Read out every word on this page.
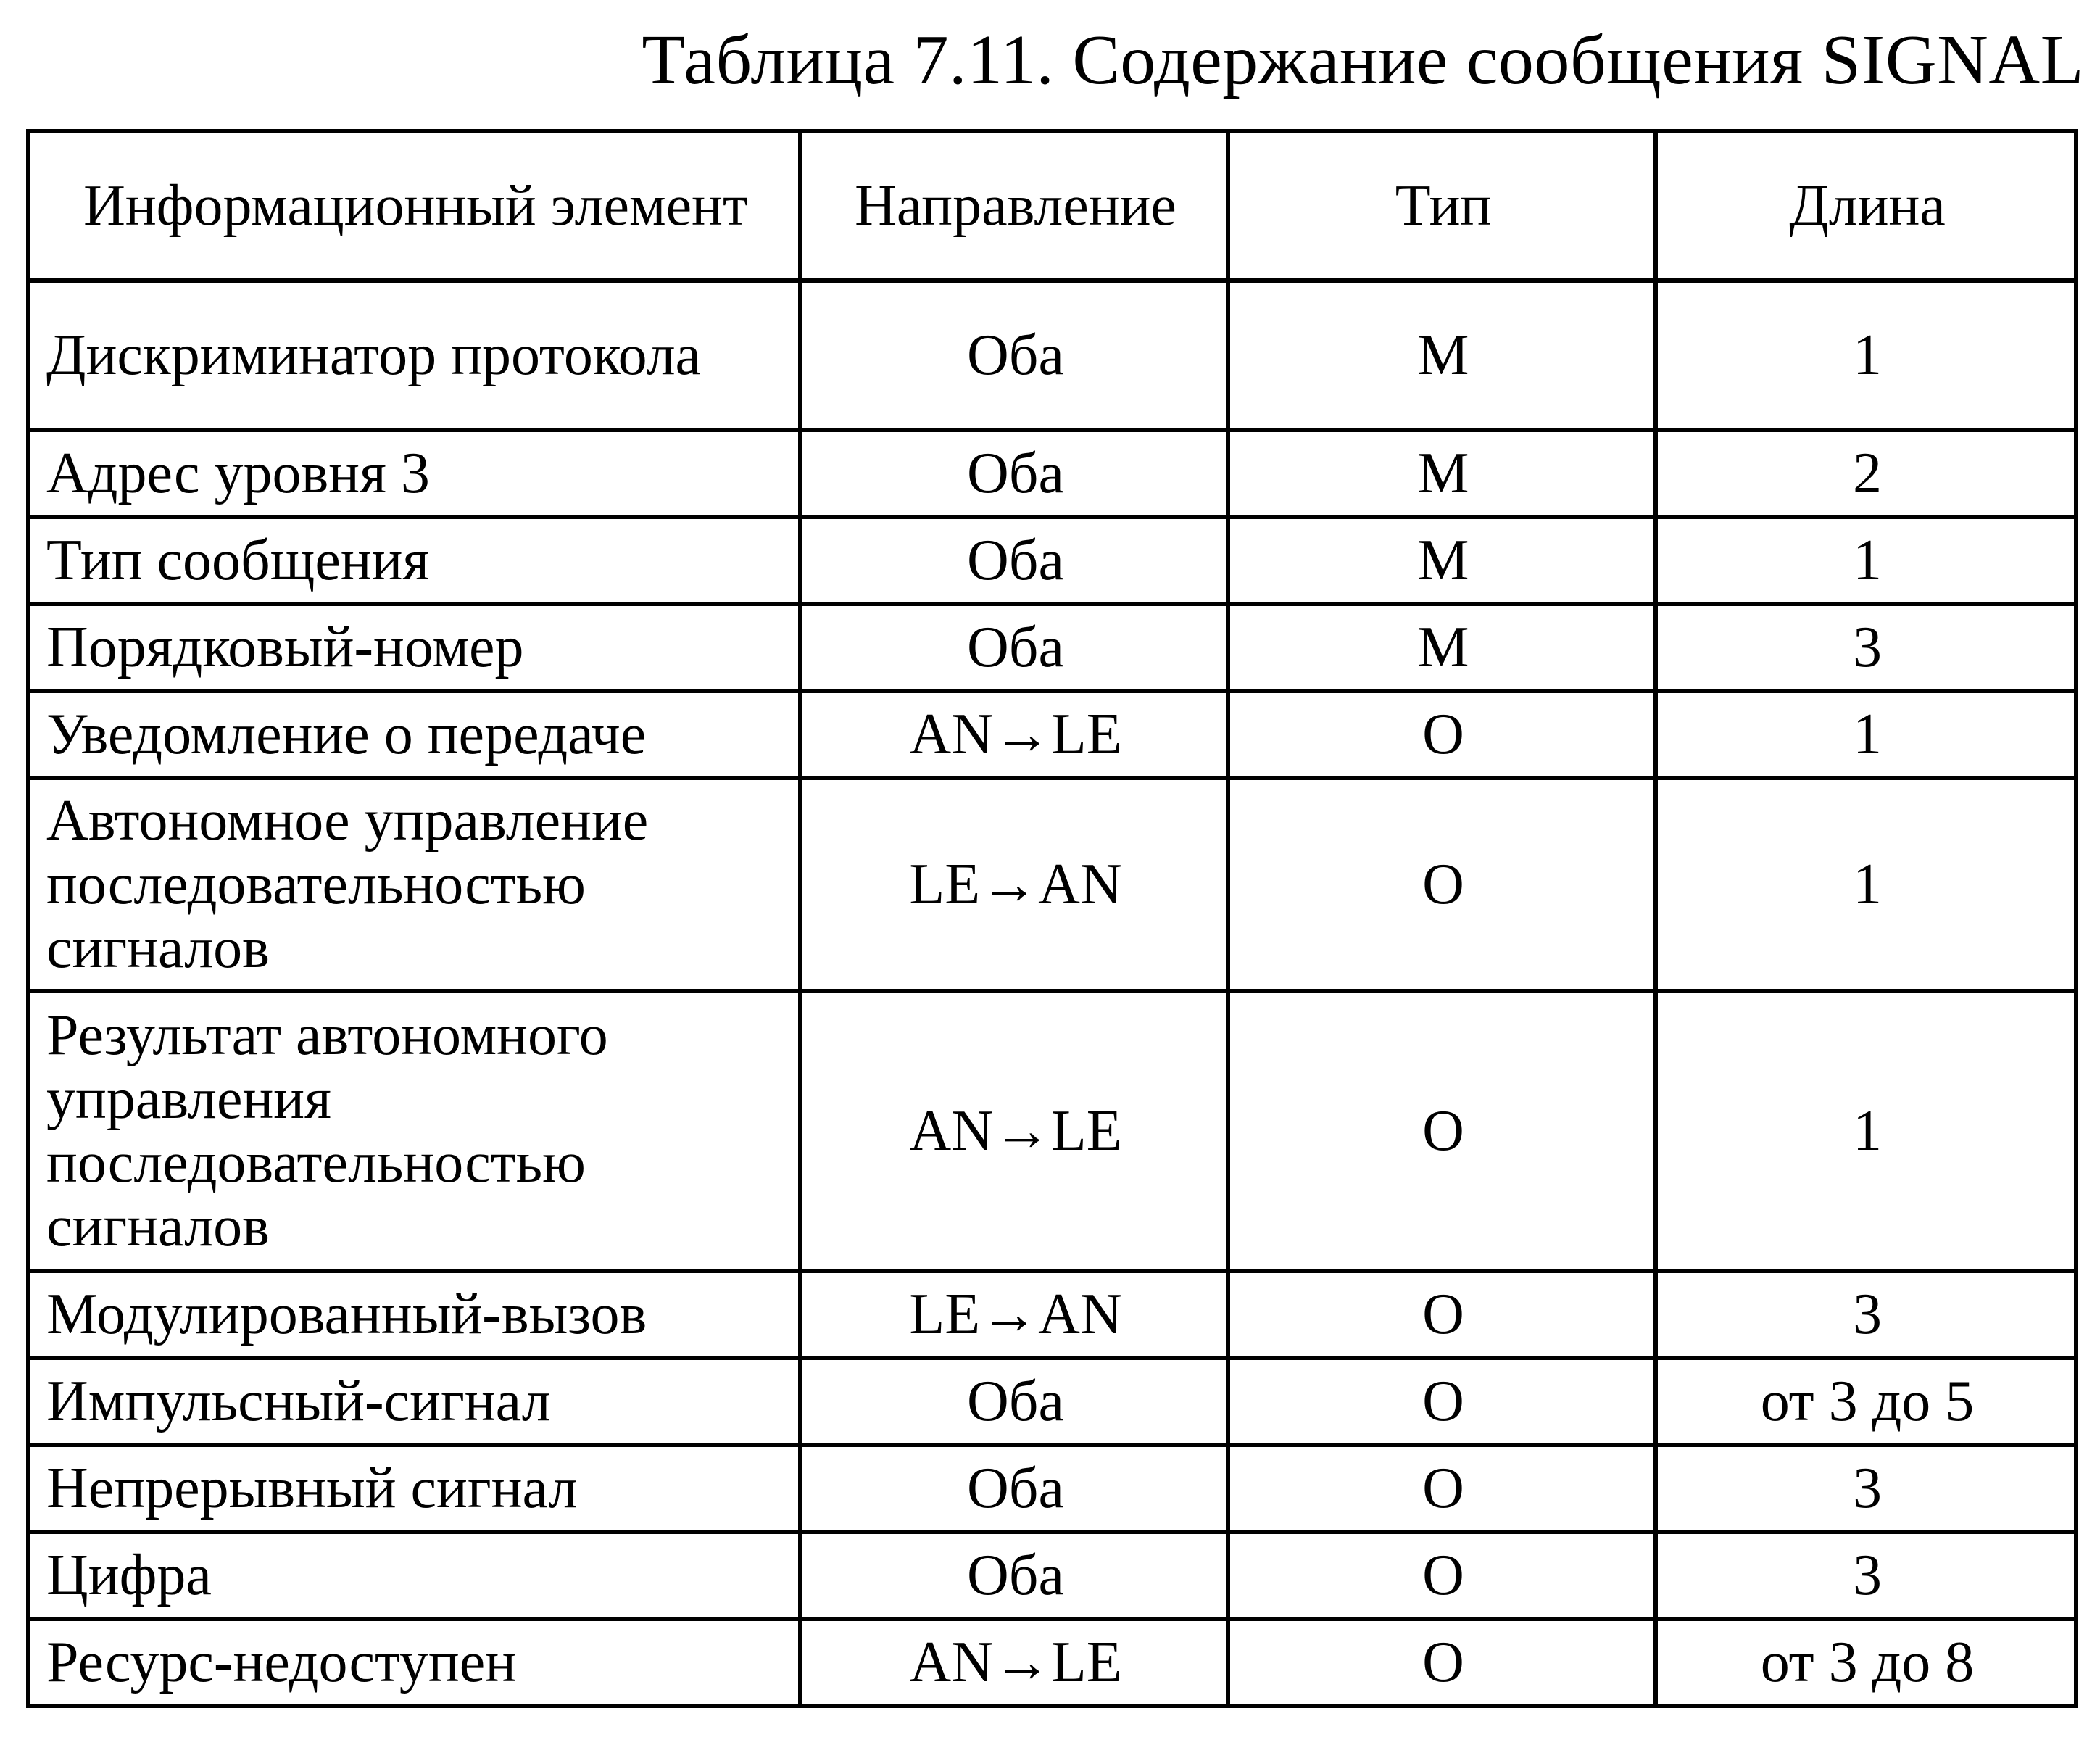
Таблица 7.11. Содержание сообщения SIGNAL
Информационный элемент	Направление	Тип	Длина
Дискриминатор протокола	Оба	M	1
Адрес уровня 3	Оба	M	2
Тип сообщения	Оба	M	1
Порядковый-номер	Оба	M	3
Уведомление о передаче	AN→LE	O	1
Автономное управление последовательностью сигналов	LE→AN	O	1
Результат автономного управления последовательностью сигналов	AN→LE	O	1
Модулированный-вызов	LE→AN	O	3
Импульсный-сигнал	Оба	O	от 3 до 5
Непрерывный сигнал	Оба	O	3
Цифра	Оба	O	3
Ресурс-недоступен	AN→LE	O	от 3 до 8
